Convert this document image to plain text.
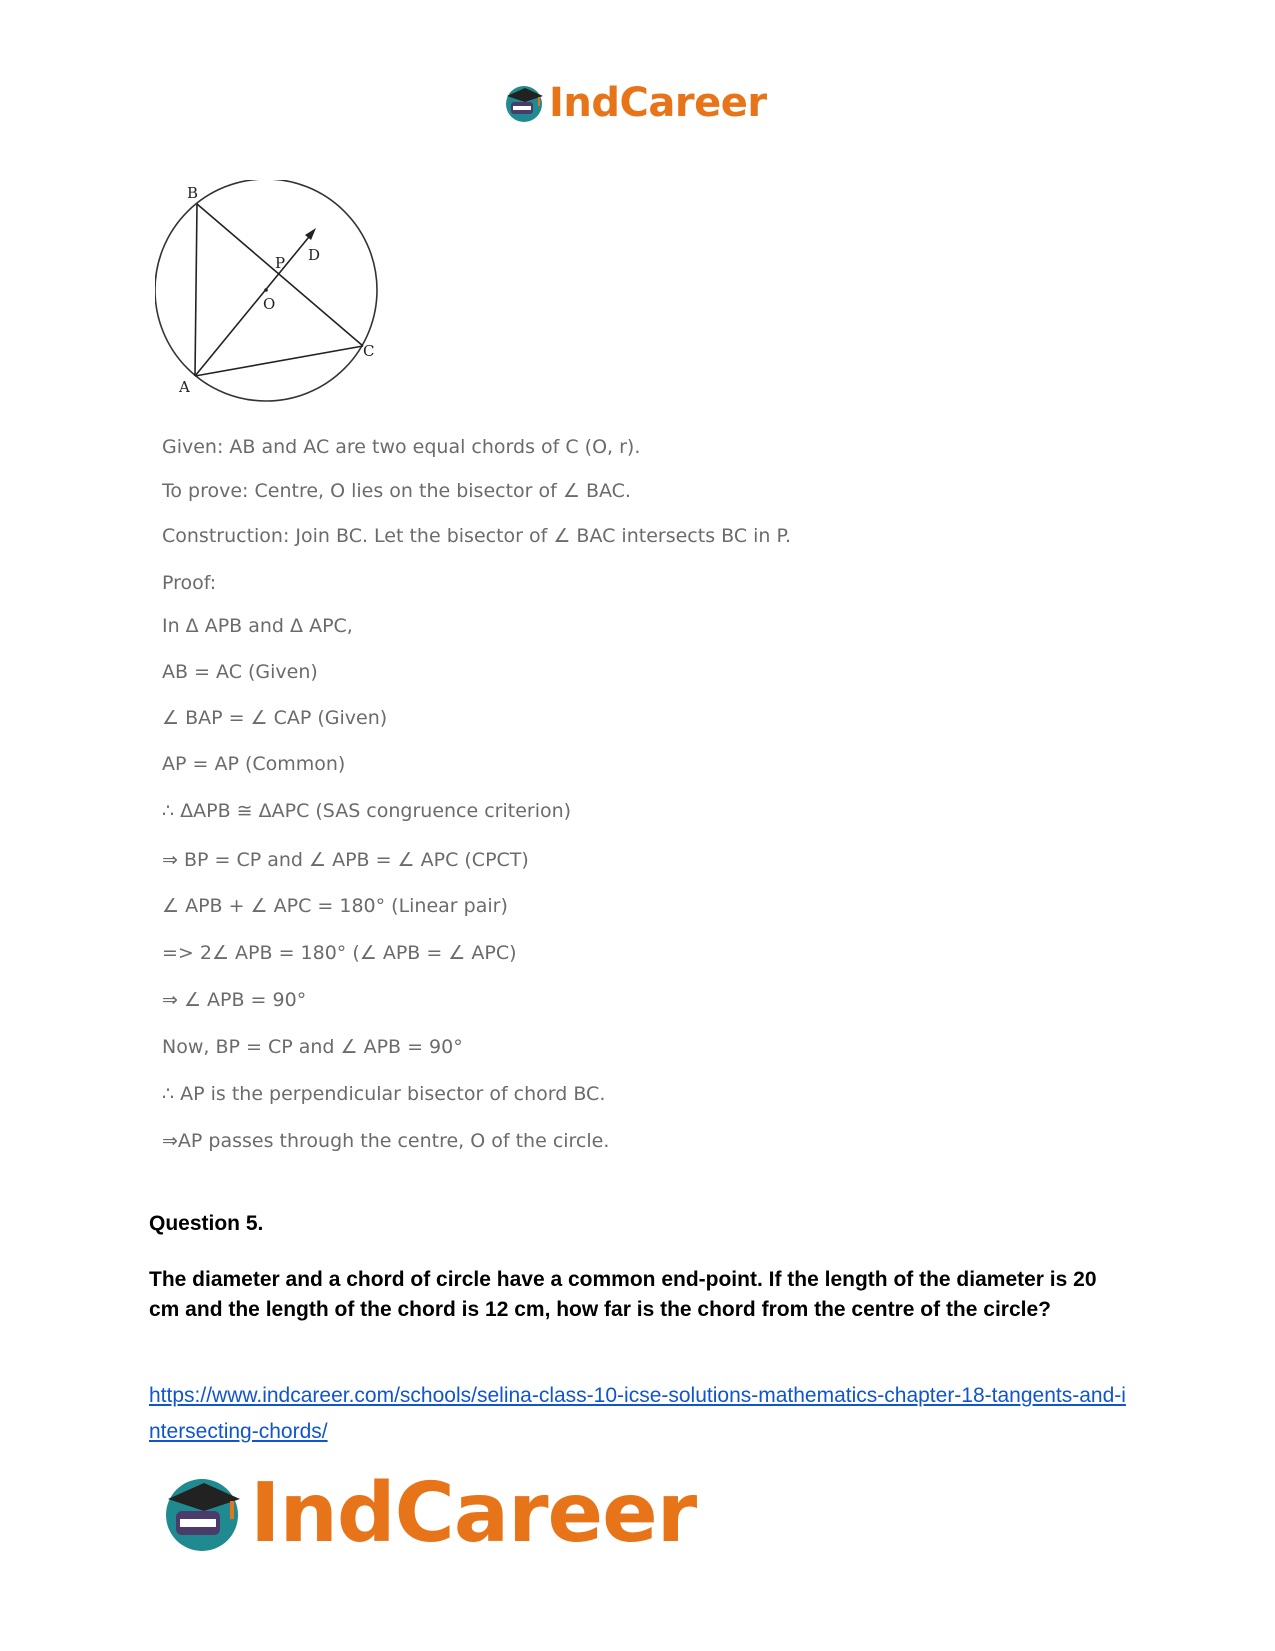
IndCareer
B
A
C
P D
O
Given: AB and AC are two equal chords of C (O, r).
To prove: Centre, O lies on the bisector of ∠ BAC.
Construction: Join BC. Let the bisector of ∠ BAC intersects BC in P.
Proof:
In Δ APB and Δ APC,
AB = AC (Given)
∠ BAP = ∠ CAP (Given)
AP = AP (Common)
∴ ΔAPB ≅ ΔAPC (SAS congruence criterion)
⇒ BP = CP and ∠ APB = ∠ APC (CPCT)
∠ APB + ∠ APC = 180° (Linear pair)
=> 2∠ APB = 180° (∠ APB = ∠ APC)
⇒ ∠ APB = 90°
Now, BP = CP and ∠ APB = 90°
∴ AP is the perpendicular bisector of chord BC.
⇒AP passes through the centre, O of the circle.
Question 5.
The diameter and a chord of circle have a common end-point. If the length of the diameter is 20 cm and the length of the chord is 12 cm, how far is the chord from the centre of the circle?
https://www.indcareer.com/schools/selina-class-10-icse-solutions-mathematics-chapter-18-tangents-and-intersecting-chords/
IndCareer
